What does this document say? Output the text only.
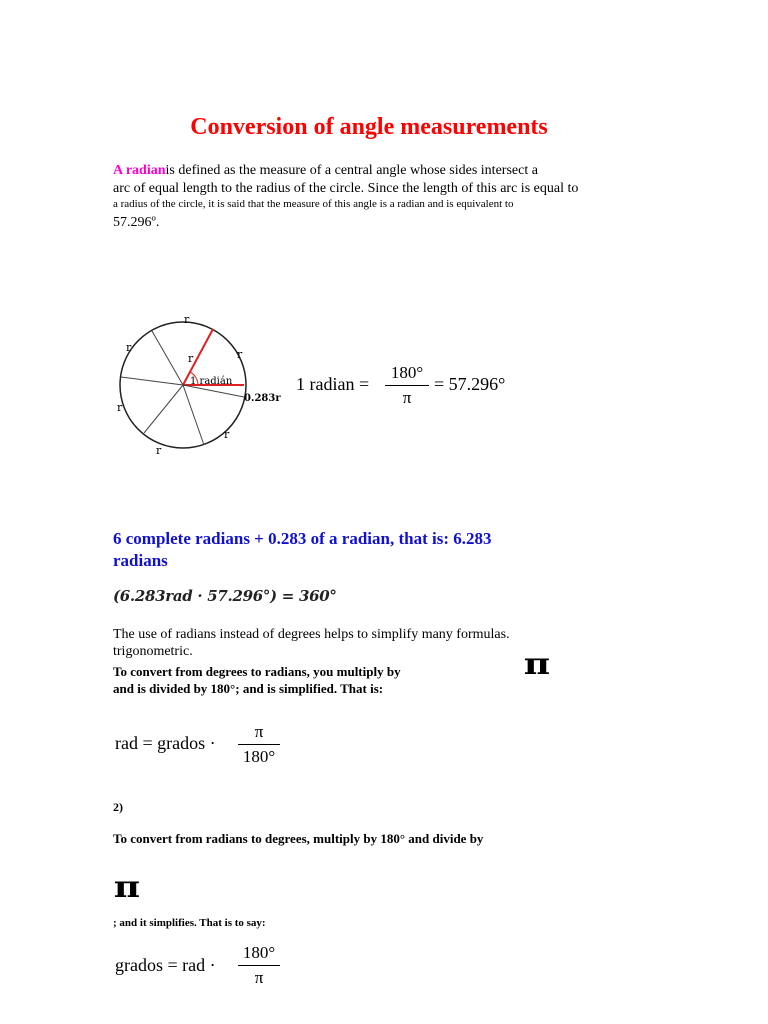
Conversion of angle measurements
A radianis defined as the measure of a central angle whose sides intersect a
arc of equal length to the radius of the circle. Since the length of this arc is equal to
a radius of the circle, it is said that the measure of this angle is a radian and is equivalent to
57.296º.
r
r
r	r
r
r
r
1 radián
0.283r
1 radian =
180°
π
= 57.296°
6 complete radians + 0.283 of a radian, that is: 6.283
radians
(6.283rad · 57.296°) = 360°
The use of radians instead of degrees helps to simplify many formulas.
trigonometric.
To convert from degrees to radians, you multiply by
and is divided by 180°; and is simplified. That is:
π
rad = grados ·
π
180°
2)
To convert from radians to degrees, multiply by 180° and divide by
π
; and it simplifies. That is to say:
grados = rad ·
180°
π
